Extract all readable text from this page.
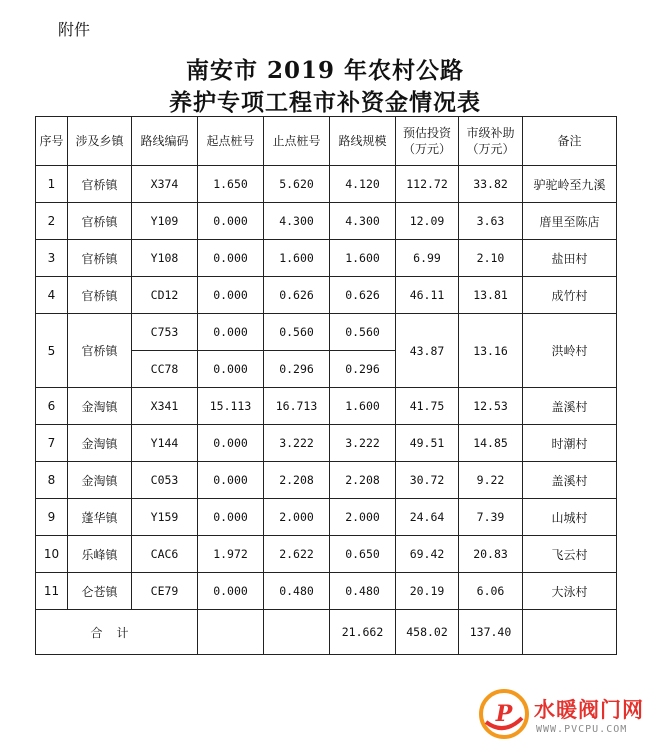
附件
南安市 2019 年农村公路
养护专项工程市补资金情况表
序号	涉及乡镇	路线编码	起点桩号	止点桩号	路线规模	预估投资（万元）	市级补助（万元）	备注
1	官桥镇	X374	1.650	5.620	4.120	112.72	33.82	驴驼岭至九溪
2	官桥镇	Y109	0.000	4.300	4.300	12.09	3.63	庴里至陈店
3	官桥镇	Y108	0.000	1.600	1.600	6.99	2.10	盐田村
4	官桥镇	CD12	0.000	0.626	0.626	46.11	13.81	成竹村
5	官桥镇	C753	0.000	0.560	0.560	43.87	13.16	洪岭村
		CC78	0.000	0.296	0.296			
6	金淘镇	X341	15.113	16.713	1.600	41.75	12.53	盖溪村
7	金淘镇	Y144	0.000	3.222	3.222	49.51	14.85	时潮村
8	金淘镇	C053	0.000	2.208	2.208	30.72	9.22	盖溪村
9	蓬华镇	Y159	0.000	2.000	2.000	24.64	7.39	山城村
10	乐峰镇	CAC6	1.972	2.622	0.650	69.42	20.83	飞云村
11	仑苍镇	CE79	0.000	0.480	0.480	20.19	6.06	大泳村
合计					21.662	458.02	137.40	
P 水暖阀门网
WWW.PVCPU.COM
